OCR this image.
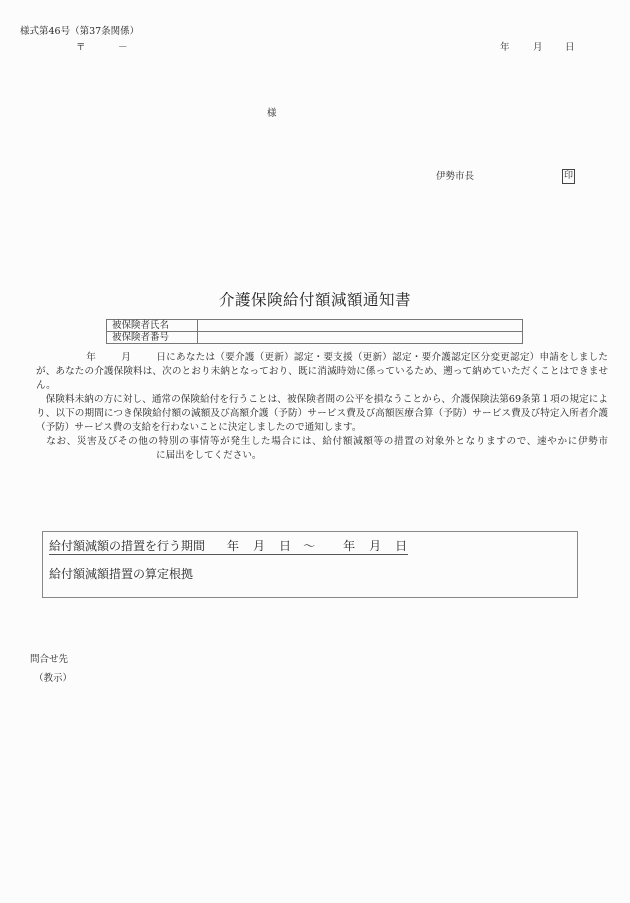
様式第46号（第37条関係）
〒	－	年 月 日
様
伊勢市長	印
介護保険給付額減額通知書
被保険者氏名	
被保険者番号	

年	月	日にあなたは（要介護（更新）認定・要支援（更新）認定・要介護認定区分変更認定）申請をしましたが、あなたの介護保険料は、次のとおり未納となっており、既に消滅時効に係っているため、遡って納めていただくことはできません。

　保険料未納の方に対し、通常の保険給付を行うことは、被保険者間の公平を損なうことから、介護保険法第69条第１項の規定により、以下の期間につき保険給付額の減額及び高額介護（予防）サービス費及び高額医療合算（予防）サービス費及び特定入所者介護（予防）サービス費の支給を行わないことに決定しましたので通知します。

　なお、災害及びその他の特別の事情等が発生した場合には、給付額減額等の措置の対象外となりますので、速やかに伊勢市に届出をしてください。

給付額減額の措置を行う期間 年 月 日 ～ 年 月 日
給付額減額措置の算定根拠
問合せ先
（教示）
